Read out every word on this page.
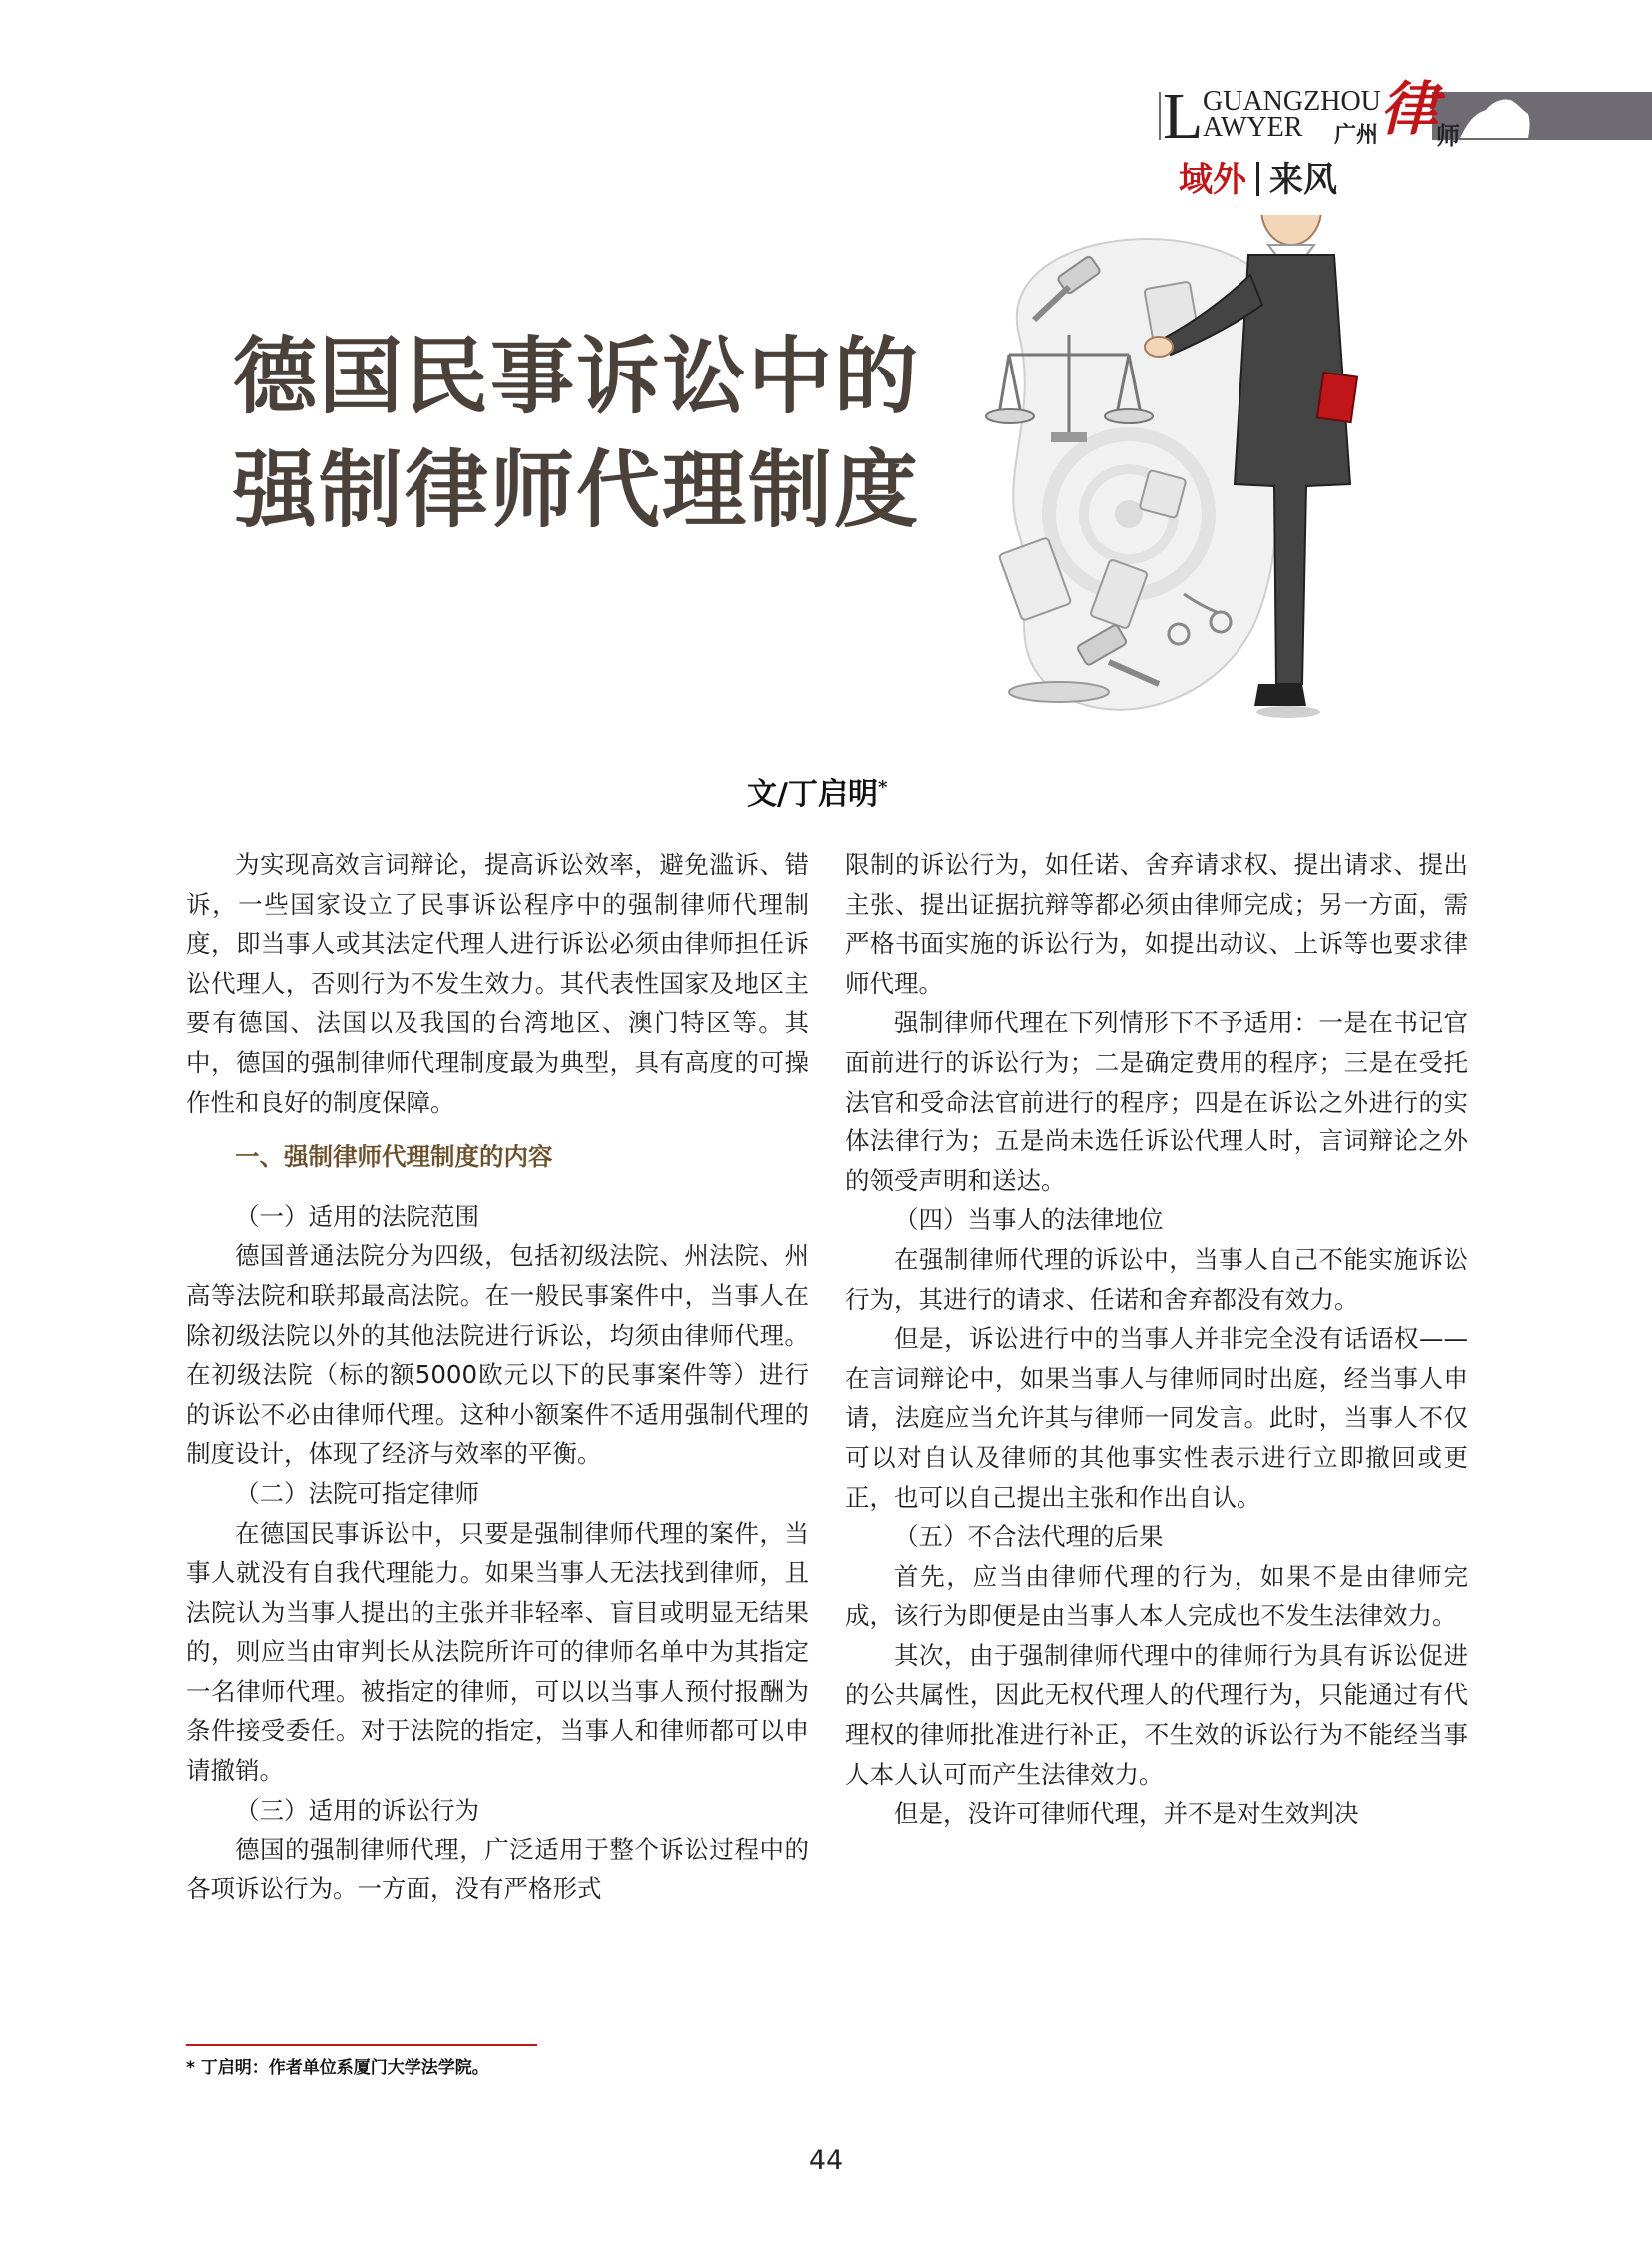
L GUANGZHOU
AWYER 广州 律
师
域外 来风
德国民事诉讼中的
强制律师代理制度
文/丁启明*

为实现高效言词辩论，提高诉讼效率，避免滥诉、错诉，一些国家设立了民事诉讼程序中的强制律师代理制度，即当事人或其法定代理人进行诉讼必须由律师担任诉讼代理人，否则行为不发生效力。其代表性国家及地区主要有德国、法国以及我国的台湾地区、澳门特区等。其中，德国的强制律师代理制度最为典型，具有高度的可操作性和良好的制度保障。

一、强制律师代理制度的内容
（一）适用的法院范围

德国普通法院分为四级，包括初级法院、州法院、州高等法院和联邦最高法院。在一般民事案件中，当事人在除初级法院以外的其他法院进行诉讼，均须由律师代理。在初级法院（标的额5000欧元以下的民事案件等）进行的诉讼不必由律师代理。这种小额案件不适用强制代理的制度设计，体现了经济与效率的平衡。

（二）法院可指定律师

在德国民事诉讼中，只要是强制律师代理的案件，当事人就没有自我代理能力。如果当事人无法找到律师，且法院认为当事人提出的主张并非轻率、盲目或明显无结果的，则应当由审判长从法院所许可的律师名单中为其指定一名律师代理。被指定的律师，可以以当事人预付报酬为条件接受委任。对于法院的指定，当事人和律师都可以申请撤销。

（三）适用的诉讼行为

德国的强制律师代理，广泛适用于整个诉讼过程中的各项诉讼行为。一方面，没有严格形式

限制的诉讼行为，如任诺、舍弃请求权、提出请求、提出主张、提出证据抗辩等都必须由律师完成；另一方面，需严格书面实施的诉讼行为，如提出动议、上诉等也要求律师代理。

强制律师代理在下列情形下不予适用：一是在书记官面前进行的诉讼行为；二是确定费用的程序；三是在受托法官和受命法官前进行的程序；四是在诉讼之外进行的实体法律行为；五是尚未选任诉讼代理人时，言词辩论之外的领受声明和送达。

（四）当事人的法律地位

在强制律师代理的诉讼中，当事人自己不能实施诉讼行为，其进行的请求、任诺和舍弃都没有效力。

但是，诉讼进行中的当事人并非完全没有话语权——在言词辩论中，如果当事人与律师同时出庭，经当事人申请，法庭应当允许其与律师一同发言。此时，当事人不仅可以对自认及律师的其他事实性表示进行立即撤回或更正，也可以自己提出主张和作出自认。

（五）不合法代理的后果

首先，应当由律师代理的行为，如果不是由律师完成，该行为即便是由当事人本人完成也不发生法律效力。

其次，由于强制律师代理中的律师行为具有诉讼促进的公共属性，因此无权代理人的代理行为，只能通过有代理权的律师批准进行补正，不生效的诉讼行为不能经当事人本人认可而产生法律效力。

但是，没许可律师代理，并不是对生效判决

* 丁启明：作者单位系厦门大学法学院。
44
